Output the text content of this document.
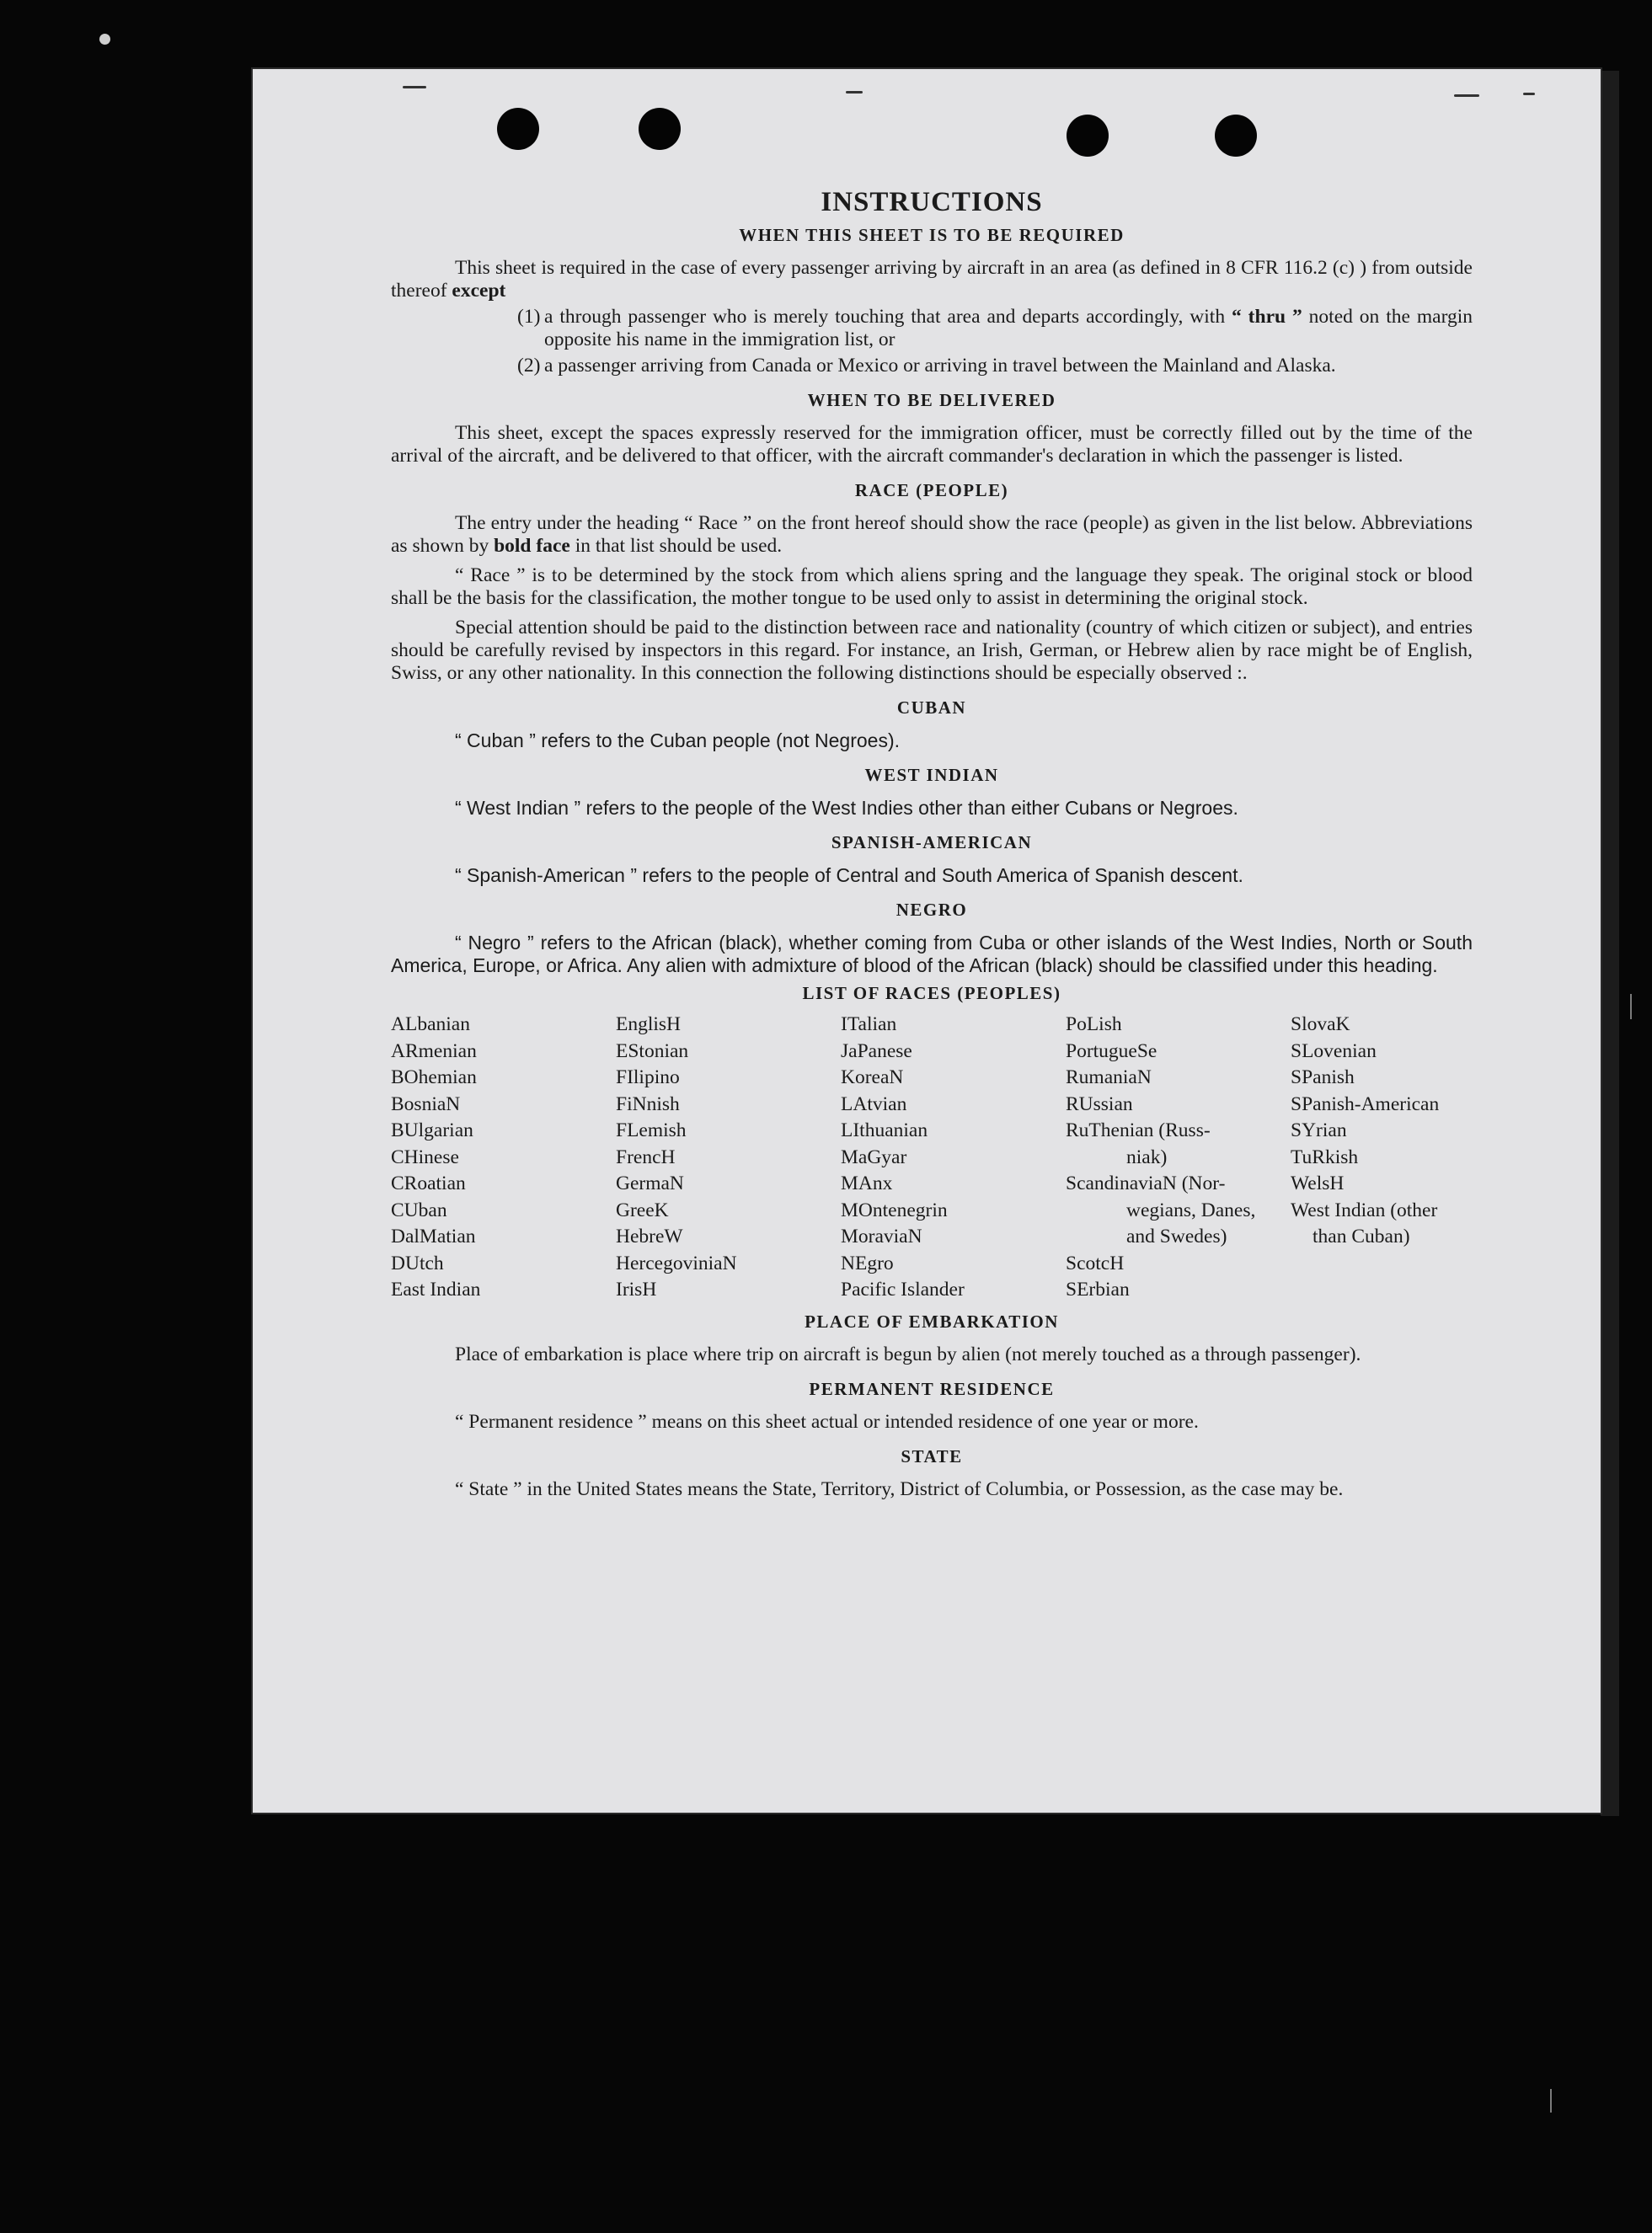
INSTRUCTIONS
WHEN THIS SHEET IS TO BE REQUIRED

This sheet is required in the case of every passenger arriving by aircraft in an area (as defined in 8 CFR 116.2 (c) ) from outside thereof except

(1) a through passenger who is merely touching that area and departs accordingly, with “ thru ” noted on the margin opposite his name in the immigration list, or
(2) a passenger arriving from Canada or Mexico or arriving in travel between the Mainland and Alaska.
WHEN TO BE DELIVERED

This sheet, except the spaces expressly reserved for the immigration officer, must be correctly filled out by the time of the arrival of the aircraft, and be delivered to that officer, with the aircraft commander's declaration in which the passenger is listed.

RACE (PEOPLE)

The entry under the heading “ Race ” on the front hereof should show the race (people) as given in the list below. Abbreviations as shown by bold face in that list should be used.

“ Race ” is to be determined by the stock from which aliens spring and the language they speak. The original stock or blood shall be the basis for the classification, the mother tongue to be used only to assist in determining the original stock.

Special attention should be paid to the distinction between race and nationality (country of which citizen or subject), and entries should be carefully revised by inspectors in this regard. For instance, an Irish, German, or Hebrew alien by race might be of English, Swiss, or any other nationality. In this connection the following distinctions should be especially observed :.

CUBAN

“ Cuban ” refers to the Cuban people (not Negroes).

WEST INDIAN

“ West Indian ” refers to the people of the West Indies other than either Cubans or Negroes.

SPANISH-AMERICAN

“ Spanish-American ” refers to the people of Central and South America of Spanish descent.

NEGRO

“ Negro ” refers to the African (black), whether coming from Cuba or other islands of the West Indies, North or South America, Europe, or Africa. Any alien with admixture of blood of the African (black) should be classified under this heading.

LIST OF RACES (PEOPLES)
ALbanian
ARmenian
BOhemian
BosniaN
BUlgarian
CHinese
CRoatian
CUban
DalMatian
DUtch
East Indian
EnglisH
EStonian
FIlipino
FiNnish
FLemish
FrencH
GermaN
GreeK
HebreW
HercegoviniaN
IrisH
ITalian
JaPanese
KoreaN
LAtvian
LIthuanian
MaGyar
MAnx
MOntenegrin
MoraviaN
NEgro
Pacific Islander
PoLish
PortugueSe
RumaniaN
RUssian
RuThenian (Russ-
niak)
ScandinaviaN (Nor-
wegians, Danes,
and Swedes)
ScotcH
SErbian
SlovaK
SLovenian
SPanish
SPanish-American
SYrian
TuRkish
WelsH
West Indian (other
than Cuban)
PLACE OF EMBARKATION

Place of embarkation is place where trip on aircraft is begun by alien (not merely touched as a through passenger).

PERMANENT RESIDENCE

“ Permanent residence ” means on this sheet actual or intended residence of one year or more.

STATE

“ State ” in the United States means the State, Territory, District of Columbia, or Possession, as the case may be.
